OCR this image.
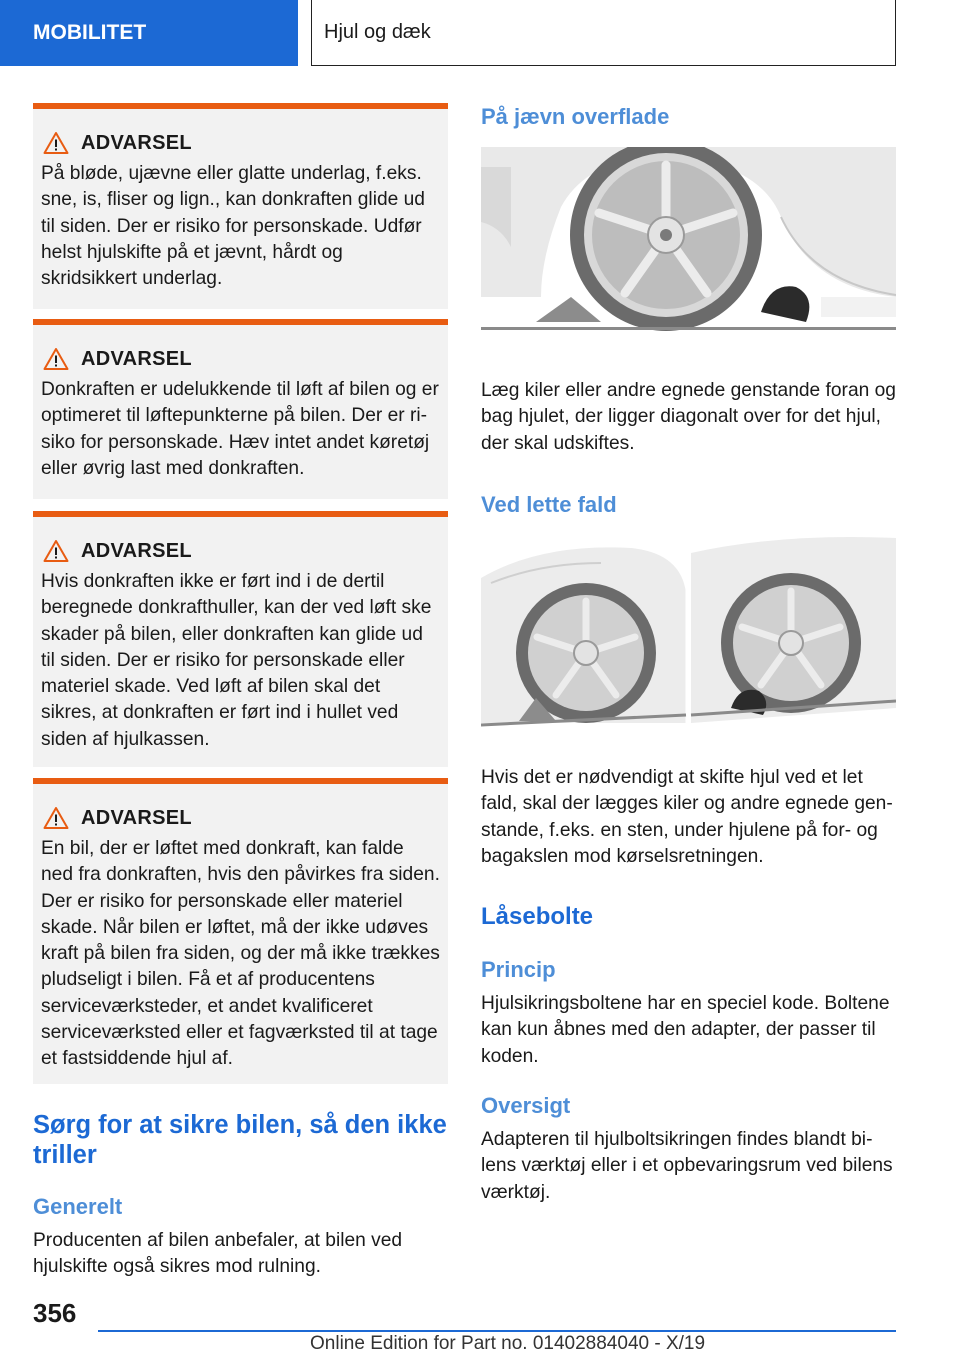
MOBILITET	Hjul og dæk
ADVARSEL
På bløde, ujævne eller glatte underlag, f.eks. sne, is, fliser og lign., kan donkraften glide ud til siden. Der er risiko for personskade. Udfør helst hjulskifte på et jævnt, hårdt og skridsikkert underlag.
ADVARSEL
Donkraften er udelukkende til løft af bilen og er optimeret til løftepunkterne på bilen. Der er risiko for personskade. Hæv intet andet køretøj eller øvrig last med donkraften.
ADVARSEL
Hvis donkraften ikke er ført ind i de dertil beregnede donkrafthuller, kan der ved løft ske skader på bilen, eller donkraften kan glide ud til siden. Der er risiko for personskade eller materiel skade. Ved løft af bilen skal det sikres, at donkraften er ført ind i hullet ved siden af hjulkassen.
ADVARSEL
En bil, der er løftet med donkraft, kan falde ned fra donkraften, hvis den påvirkes fra siden. Der er risiko for personskade eller materiel skade. Når bilen er løftet, må der ikke udøves kraft på bilen fra siden, og der må ikke trækkes pludseligt i bilen. Få et af producentens serviceværksteder, et andet kvalificeret serviceværksted eller et fagværksted til at tage et fastsiddende hjul af.
Sørg for at sikre bilen, så den ikke triller
Generelt
Producenten af bilen anbefaler, at bilen ved hjulskifte også sikres mod rulning.
På jævn overflade
Læg kiler eller andre egnede genstande foran og bag hjulet, der ligger diagonalt over for det hjul, der skal udskiftes.
Ved lette fald
Hvis det er nødvendigt at skifte hjul ved et let fald, skal der lægges kiler og andre egnede genstande, f.eks. en sten, under hjulene på for- og bagakslen mod kørselsretningen.
Låsebolte
Princip
Hjulsikringsboltene har en speciel kode. Boltene kan kun åbnes med den adapter, der passer til koden.
Oversigt
Adapteren til hjulboltsikringen findes blandt bilens værktøj eller i et opbevaringsrum ved bilens værktøj.
356
Online Edition for Part no. 01402884040 - X/19
